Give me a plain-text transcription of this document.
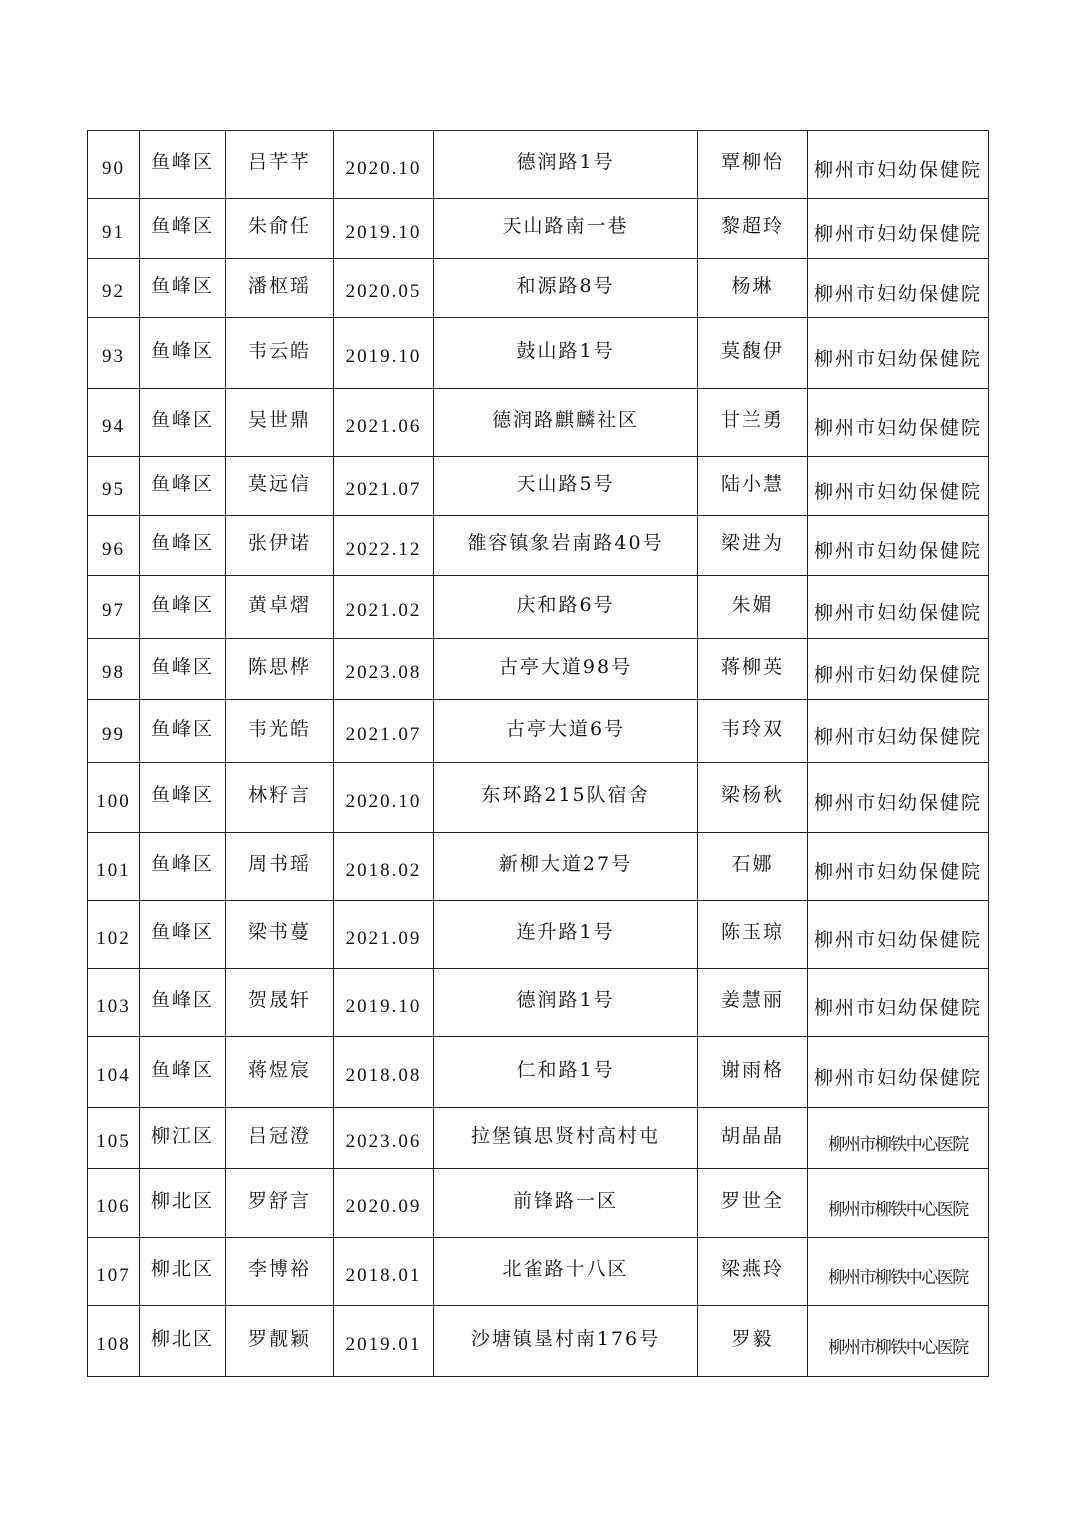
90	鱼峰区	吕芊芊	2020.10	德润路1号	覃柳怡	柳州市妇幼保健院
91	鱼峰区	朱俞任	2019.10	天山路南一巷	黎超玲	柳州市妇幼保健院
92	鱼峰区	潘枢瑶	2020.05	和源路8号	杨琳	柳州市妇幼保健院
93	鱼峰区	韦云皓	2019.10	鼓山路1号	莫馥伊	柳州市妇幼保健院
94	鱼峰区	吴世鼎	2021.06	德润路麒麟社区	甘兰勇	柳州市妇幼保健院
95	鱼峰区	莫远信	2021.07	天山路5号	陆小慧	柳州市妇幼保健院
96	鱼峰区	张伊诺	2022.12	雒容镇象岩南路40号	梁进为	柳州市妇幼保健院
97	鱼峰区	黄卓熠	2021.02	庆和路6号	朱媚	柳州市妇幼保健院
98	鱼峰区	陈思桦	2023.08	古亭大道98号	蒋柳英	柳州市妇幼保健院
99	鱼峰区	韦光皓	2021.07	古亭大道6号	韦玲双	柳州市妇幼保健院
100	鱼峰区	林籽言	2020.10	东环路215队宿舍	梁杨秋	柳州市妇幼保健院
101	鱼峰区	周书瑶	2018.02	新柳大道27号	石娜	柳州市妇幼保健院
102	鱼峰区	梁书蔓	2021.09	连升路1号	陈玉琼	柳州市妇幼保健院
103	鱼峰区	贺晟轩	2019.10	德润路1号	姜慧丽	柳州市妇幼保健院
104	鱼峰区	蒋煜宸	2018.08	仁和路1号	谢雨格	柳州市妇幼保健院
105	柳江区	吕冠澄	2023.06	拉堡镇思贤村高村屯	胡晶晶	柳州市柳铁中心医院
106	柳北区	罗舒言	2020.09	前锋路一区	罗世全	柳州市柳铁中心医院
107	柳北区	李博裕	2018.01	北雀路十八区	梁燕玲	柳州市柳铁中心医院
108	柳北区	罗靓颖	2019.01	沙塘镇垦村南176号	罗毅	柳州市柳铁中心医院
